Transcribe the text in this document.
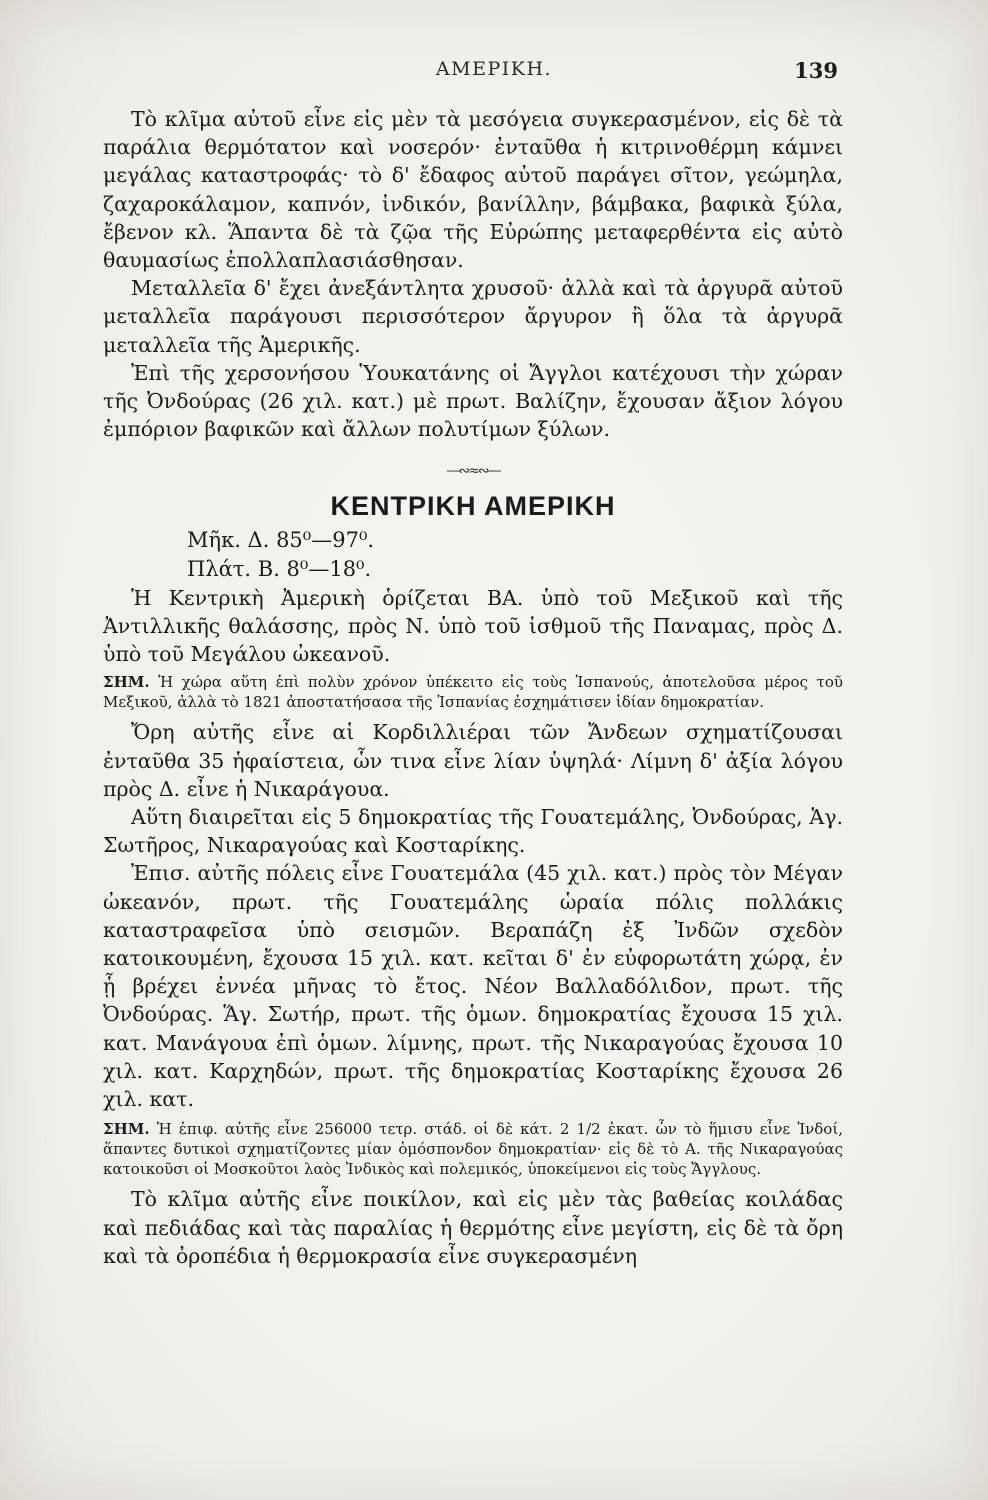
ΑΜΕΡΙΚΗ.	139

Τὸ κλῖμα αὐτοῦ εἶνε εἰς μὲν τὰ μεσόγεια συγκερασμένον, εἰς δὲ τὰ παράλια θερμότατον καὶ νοσερόν· ἐνταῦθα ἡ κιτρινοθέρμη κάμνει μεγάλας καταστροφάς· τὸ δ' ἔδαφος αὐτοῦ παράγει σῖτον, γεώμηλα, ζαχαροκάλαμον, καπνόν, ἰνδικόν, βανίλλην, βάμβακα, βαφικὰ ξύλα, ἔβενον κλ. Ἅπαντα δὲ τὰ ζῷα τῆς Εὐρώπης μεταφερθέντα εἰς αὐτὸ θαυμασίως ἐπολλαπλασιάσθησαν.

Μεταλλεῖα δ' ἔχει ἀνεξάντλητα χρυσοῦ· ἀλλὰ καὶ τὰ ἀργυρᾶ αὐτοῦ μεταλλεῖα παράγουσι περισσότερον ἄργυρον ἢ ὅλα τὰ ἀργυρᾶ μεταλλεῖα τῆς Ἀμερικῆς.

Ἐπὶ τῆς χερσονήσου Ὑουκατάνης οἱ Ἄγγλοι κατέχουσι τὴν χώραν τῆς Ὀνδούρας (26 χιλ. κατ.) μὲ πρωτ. Βαλίζην, ἔχουσαν ἄξιον λόγου ἐμπόριον βαφικῶν καὶ ἄλλων πολυτίμων ξύλων.

—∾≈∾—
ΚΕΝΤΡΙΚΗ ΑΜΕΡΙΚΗ
Μῆκ. Δ. 85⁰—97⁰.
Πλάτ. Β. 8⁰—18⁰.

Ἡ Κεντρικὴ Ἀμερικὴ ὁρίζεται ΒΑ. ὑπὸ τοῦ Μεξικοῦ καὶ τῆς Ἀντιλλικῆς θαλάσσης, πρὸς Ν. ὑπὸ τοῦ ἰσθμοῦ τῆς Παναμας, πρὸς Δ. ὑπὸ τοῦ Μεγάλου ὠκεανοῦ.

ΣΗΜ. Ἡ χώρα αὕτη ἐπὶ πολὺν χρόνον ὑπέκειτο εἰς τοὺς Ἱσπανούς, ἀποτελοῦσα μέρος τοῦ Μεξικοῦ, ἀλλὰ τὸ 1821 ἀποστατήσασα τῆς Ἱσπανίας ἐσχημάτισεν ἰδίαν δημοκρατίαν.

Ὄρη αὐτῆς εἶνε αἱ Κορδιλλιέραι τῶν Ἄνδεων σχηματίζουσαι ἐνταῦθα 35 ἡφαίστεια, ὧν τινα εἶνε λίαν ὑψηλά· Λίμνη δ' ἀξία λόγου πρὸς Δ. εἶνε ἡ Νικαράγουα.

Αὕτη διαιρεῖται εἰς 5 δημοκρατίας τῆς Γουατεμάλης, Ὀνδούρας, Ἁγ. Σωτῆρος, Νικαραγούας καὶ Κοσταρίκης.

Ἐπισ. αὐτῆς πόλεις εἶνε Γουατεμάλα (45 χιλ. κατ.) πρὸς τὸν Μέγαν ὠκεανόν, πρωτ. τῆς Γουατεμάλης ὡραία πόλις πολλάκις καταστραφεῖσα ὑπὸ σεισμῶν. Βεραπάζη ἐξ Ἰνδῶν σχεδὸν κατοικουμένη, ἔχουσα 15 χιλ. κατ. κεῖται δ' ἐν εὐφορωτάτη χώρᾳ, ἐν ᾗ βρέχει ἐννέα μῆνας τὸ ἔτος. Νέον Βαλλαδόλιδον, πρωτ. τῆς Ὀνδούρας. Ἅγ. Σωτήρ, πρωτ. τῆς ὁμων. δημοκρατίας ἔχουσα 15 χιλ. κατ. Μανάγουα ἐπὶ ὁμων. λίμνης, πρωτ. τῆς Νικαραγούας ἔχουσα 10 χιλ. κατ. Καρχηδών, πρωτ. τῆς δημοκρατίας Κοσταρίκης ἔχουσα 26 χιλ. κατ.

ΣΗΜ. Ἡ ἐπιφ. αὐτῆς εἶνε 256000 τετρ. στάδ. οἱ δὲ κάτ. 2 1/2 ἑκατ. ὧν τὸ ἥμισυ εἶνε Ἰνδοί, ἅπαντες δυτικοὶ σχηματίζοντες μίαν ὁμόσπονδον δημοκρατίαν· εἰς δὲ τὸ Α. τῆς Νικαραγούας κατοικοῦσι οἱ Μοσκοῦτοι λαὸς Ἰνδικὸς καὶ πολεμικός, ὑποκείμενοι εἰς τοὺς Ἄγγλους.

Τὸ κλῖμα αὐτῆς εἶνε ποικίλον, καὶ εἰς μὲν τὰς βαθείας κοιλάδας καὶ πεδιάδας καὶ τὰς παραλίας ἡ θερμότης εἶνε μεγίστη, εἰς δὲ τὰ ὄρη καὶ τὰ ὀροπέδια ἡ θερμοκρασία εἶνε συγκερασμένη
